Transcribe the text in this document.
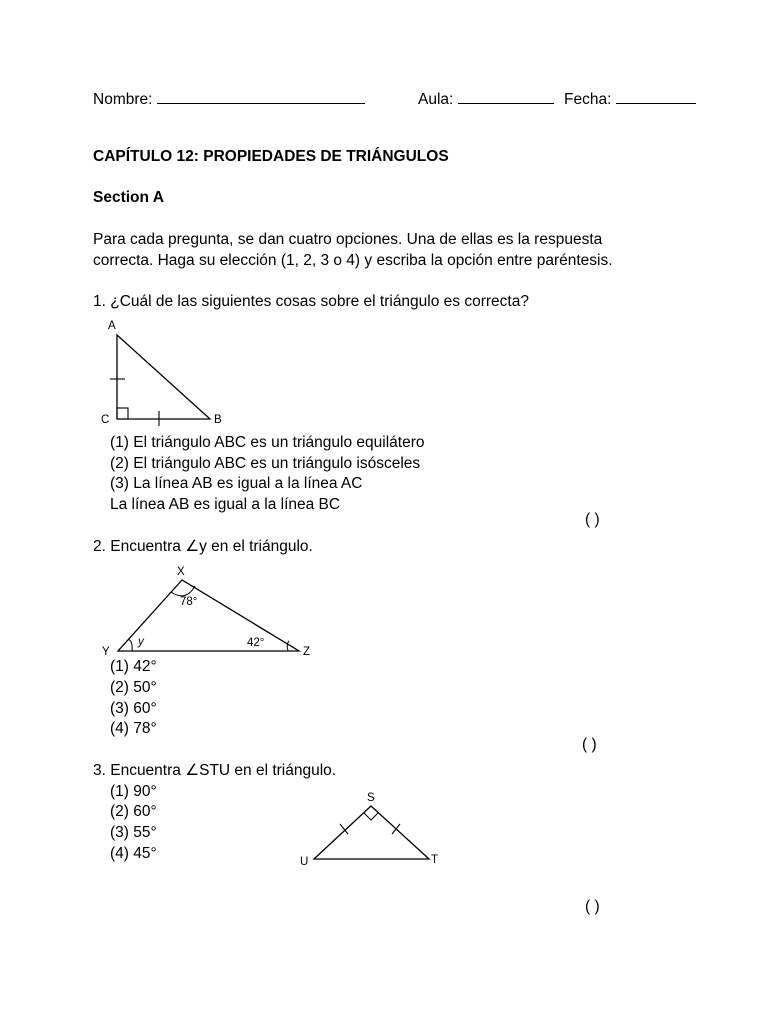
Nombre:	Aula:	Fecha:
CAPÍTULO 12: PROPIEDADES DE TRIÁNGULOS
Section A
Para cada pregunta, se dan cuatro opciones. Una de ellas es la respuesta
correcta. Haga su elección (1, 2, 3 o 4) y escriba la opción entre paréntesis.
1. ¿Cuál de las siguientes cosas sobre el triángulo es correcta?
A
B
C
(1) El triángulo ABC es un triángulo equilátero
(2) El triángulo ABC es un triángulo isósceles
(3) La línea AB es igual a la línea AC
La línea AB es igual a la línea BC
( )
2. Encuentra ∠y en el triángulo.
X
Y	Z
y
78°
42°
(1) 42°
(2) 50°
(3) 60°
(4) 78°
( )
3. Encuentra ∠STU en el triángulo.
(1) 90°
(2) 60°
(3) 55°
(4) 45°
S
U	T
( )
